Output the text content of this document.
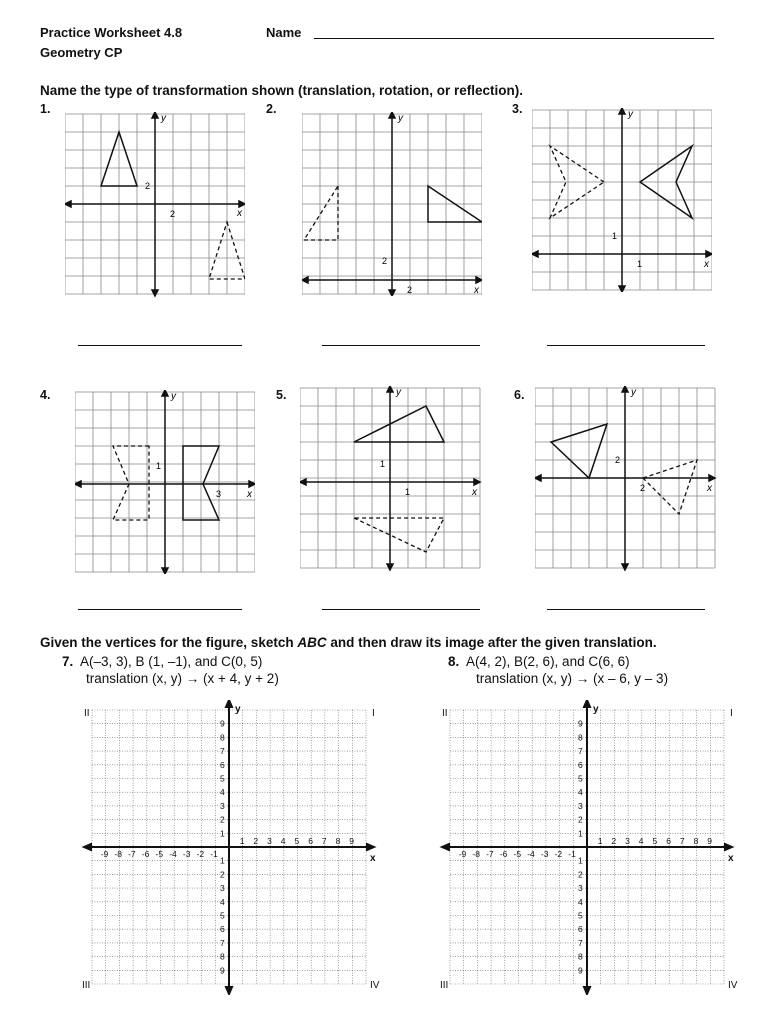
Practice Worksheet 4.8
Geometry CP
Name
Name the type of transformation shown (translation, rotation, or reflection).
1.	2.	3.
4.	5.	6.
y
x
2
2
y
x
2
2
y
x
1
1
y
x
1
3
y
x
1
1
y
x
2
2
Given the vertices for the figure, sketch ABC and then draw its image after the given translation.
7. A(–3, 3), B (1, –1), and C(0, 5)
translation (x, y) → (x + 4, y + 2)
8. A(4, 2), B(2, 6), and C(6, 6)
translation (x, y) → (x – 6, y – 3)
1
-1
1
1
2
-2
2
2
3
-3
3
3
4
-4
4
4
5
-5
5
5
6
-6
6
6
7
-7
7
7
8
-8
8
8
9
-9
9
9
x
y
II	I
III	IV
1
-1
1
1
2
-2
2
2
3
-3
3
3
4
-4
4
4
5
-5
5
5
6
-6
6
6
7
-7
7
7
8
-8
8
8
9
-9
9
9
x
y
II	I
III	IV
